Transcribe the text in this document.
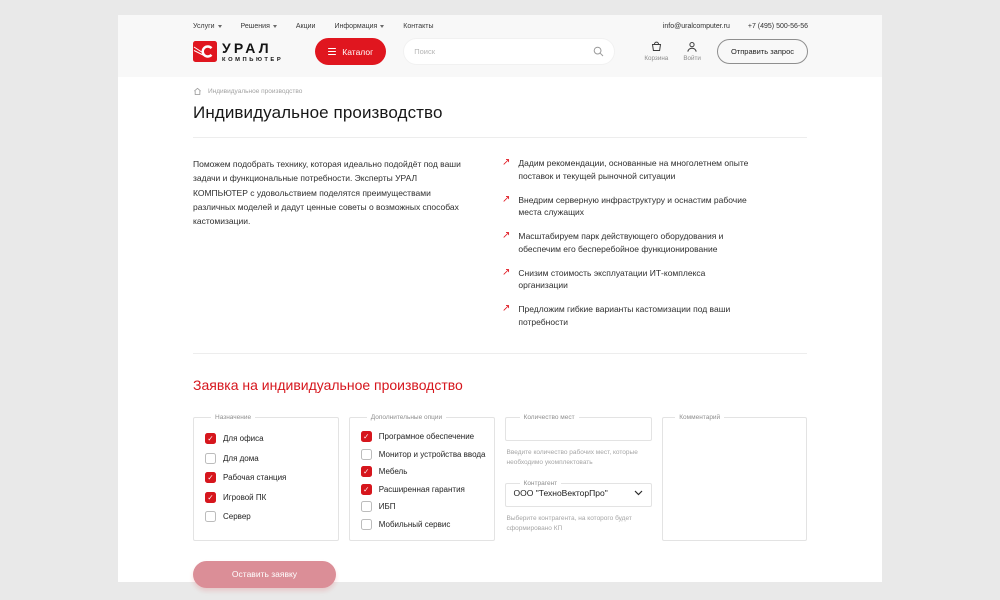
Услуги	Решения	Акции	Информация	Контакты	info@uralcomputer.ru	+7 (495) 500-56-56
УРАЛ
КОМПЬЮТЕР
Каталог
Поиск
Корзина Войти
Отправить запрос
Индивидуальное производство
Индивидуальное производство

Поможем подобрать технику, которая идеально подойдёт под ваши задачи и функциональные потребности. Эксперты УРАЛ КОМПЬЮТЕР с удовольствием поделятся преимуществами различных моделей и дадут ценные советы о возможных способах кастомизации.

↗ Дадим рекомендации, основанные на многолетнем опыте поставок и текущей рыночной ситуации
↗ Внедрим серверную инфраструктуру и оснастим рабочие места служащих
↗ Масштабируем парк действующего оборудования и обеспечим его бесперебойное функционирование
↗ Снизим стоимость эксплуатации ИТ-комплекса организации
↗ Предложим гибкие варианты кастомизации под ваши потребности
Заявка на индивидуальное производство
Назначение
✓ Для офиса
Для дома
✓ Рабочая станция
✓ Игровой ПК
Сервер
Дополнительные опции
✓ Програмное обеспечение
Монитор и устройства ввода
✓ Мебель
✓ Расширенная гарантия
ИБП
Мобильный сервис
Количество мест
Введите количество рабочих мест, которые необходимо укомплектовать
Контрагент
ООО "ТехноВекторПро"
Выберите контрагента, на которого будет сформировано КП
Комментарий
Оставить заявку
